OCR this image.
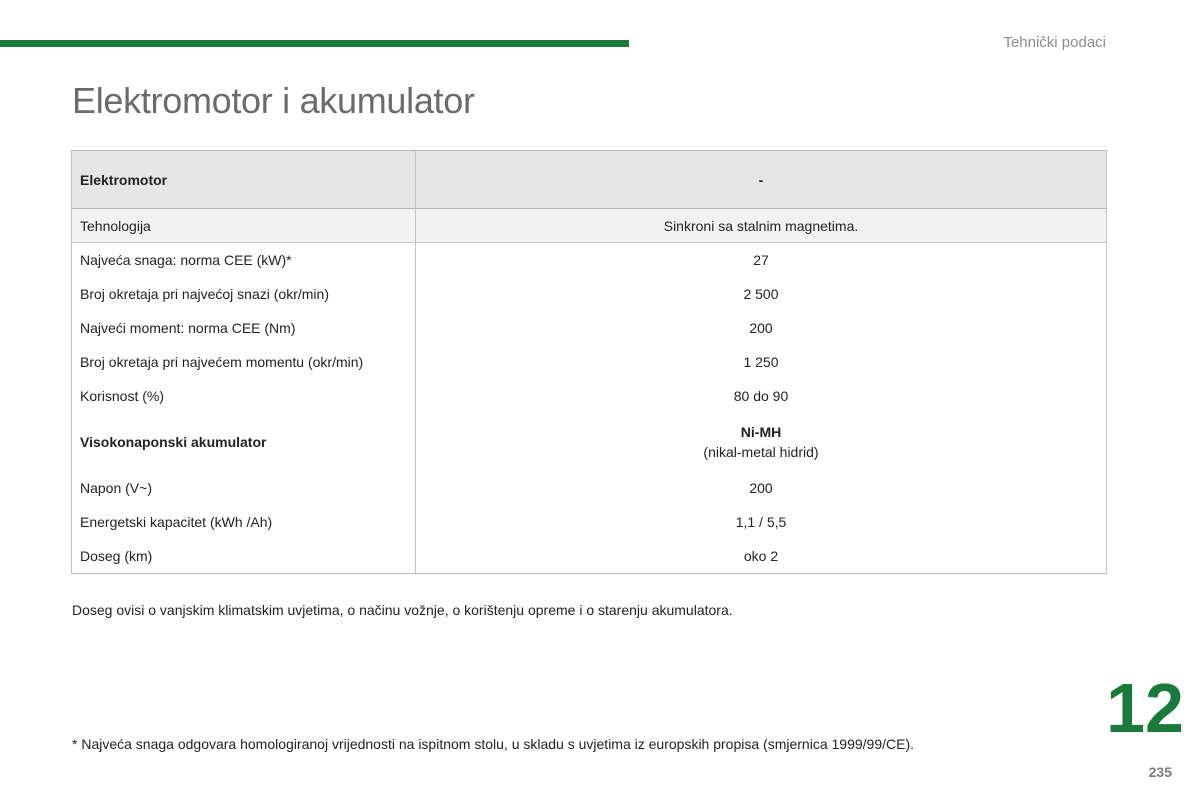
Tehnički podaci
Elektromotor i akumulator
Elektromotor	-
Tehnologija	Sinkroni sa stalnim magnetima.
Najveća snaga: norma CEE (kW)*	27
Broj okretaja pri najvećoj snazi (okr/min)	2 500
Najveći moment: norma CEE (Nm)	200
Broj okretaja pri najvećem momentu (okr/min)	1 250
Korisnost (%)	80 do 90
Visokonaponski akumulator	Ni-MH
(nikal-metal hidrid)

Napon (V~)	200
Energetski kapacitet (kWh /Ah)	1,1 / 5,5
Doseg (km)	oko 2
Doseg ovisi o vanjskim klimatskim uvjetima, o načinu vožnje, o korištenju opreme i o starenju akumulatora.
12
* Najveća snaga odgovara homologiranoj vrijednosti na ispitnom stolu, u skladu s uvjetima iz europskih propisa (smjernica 1999/99/CE).
235
